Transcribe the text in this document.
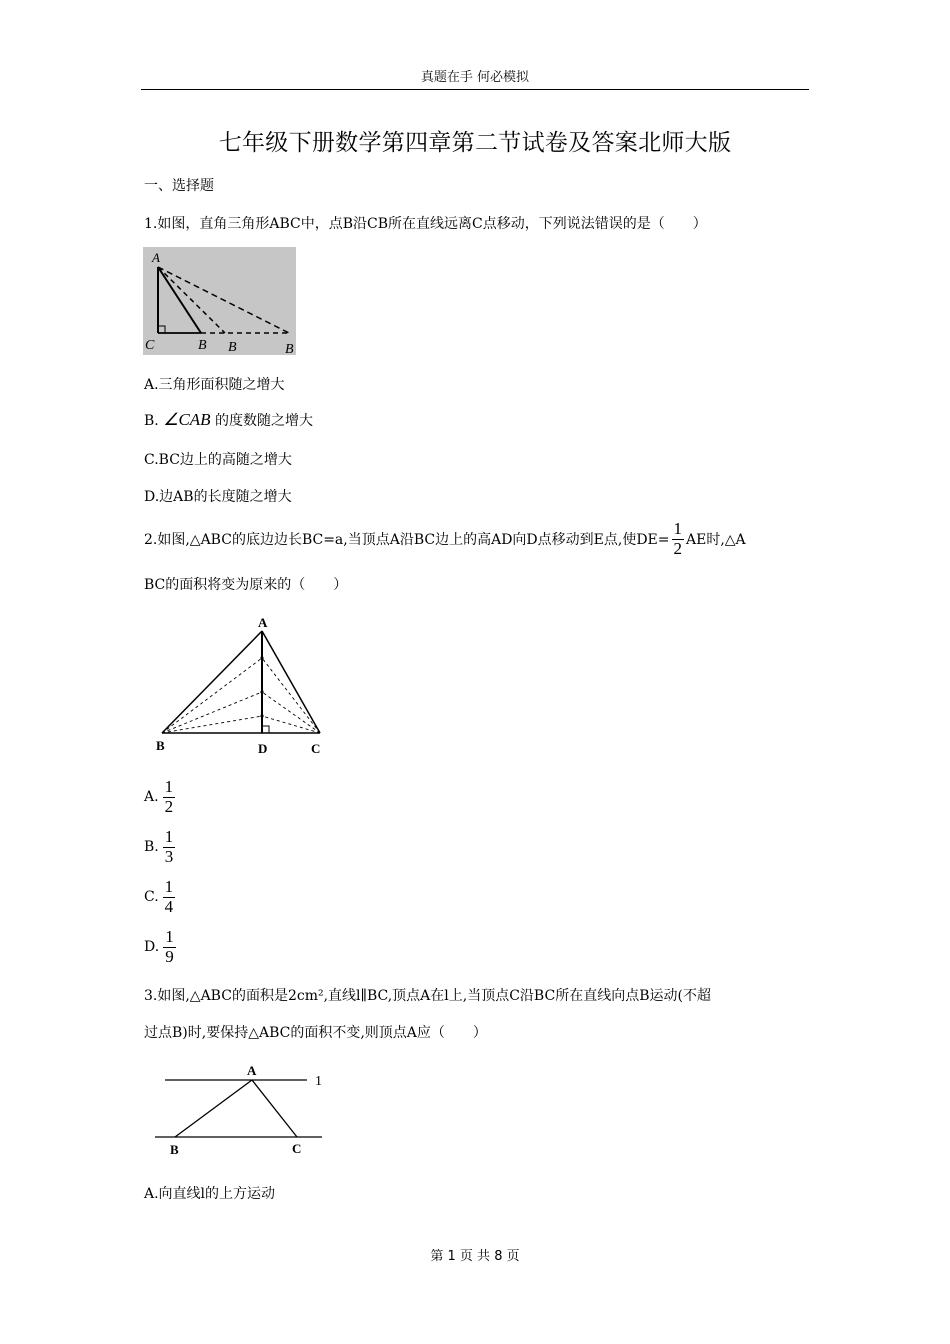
真题在手 何必模拟
七年级下册数学第四章第二节试卷及答案北师大版
一、选择题
1.如图，直角三角形ABC中，点B沿CB所在直线远离C点移动，下列说法错误的是（　　）
A
C	B B	B
A.三角形面积随之增大
B. ∠CAB 的度数随之增大
C.BC边上的高随之增大
D.边AB的长度随之增大
2.如图,△ABC的底边边长BC=a,当顶点A沿BC边上的高AD向D点移动到E点,使$DE= \frac{1}{2}$ AE时,△A
BC的面积将变为原来的（　　）
A
B	D	C
A. $\frac{1}{2}$
B. $\frac{1}{3}$
C. $\frac{1}{4}$
D. $\frac{1}{9}$
3.如图,△ABC的面积是2cm²,直线l∥BC,顶点A在l上,当顶点C沿BC所在直线向点B运动(不超
过点B)时,要保持△ABC的面积不变,则顶点A应（　　）
A
1
B	C
A.向直线l的上方运动
第 1 页 共 8 页
